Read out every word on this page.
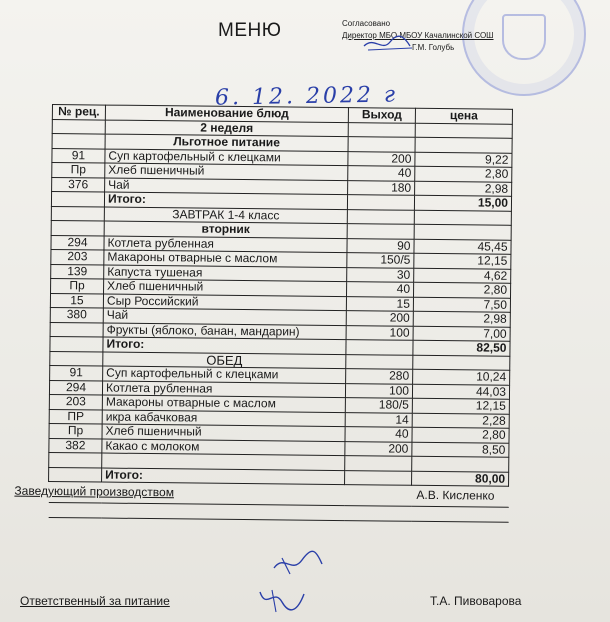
МЕНЮ	Согласовано
Директор МБО МБОУ Качалинской СОШ
Г.М. Голубь
6. 12. 2022 г
№ рец.	Наименование блюд	Выход	цена
	2 неделя		
	Льготное питание		
91	Суп картофельный с клецками	200	9,22
Пр	Хлеб пшеничный	40	2,80
376	Чай	180	2,98
	Итого:		15,00
	ЗАВТРАК 1-4 класс		
	вторник		
294	Котлета рубленная	90	45,45
203	Макароны отварные с маслом	150/5	12,15
139	Капуста тушеная	30	4,62
Пр	Хлеб пшеничный	40	2,80
15	Сыр Российский	15	7,50
380	Чай	200	2,98
	Фрукты (яблоко, банан, мандарин)	100	7,00
	Итого:		82,50
	ОБЕД		
91	Суп картофельный с клецками	280	10,24
294	Котлета рубленная	100	44,03
203	Макароны отварные с маслом	180/5	12,15
ПР	икра кабачковая	14	2,28
Пр	Хлеб пшеничный	40	2,80
382	Какао с молоком	200	8,50

	Итого:		80,00

Заведующий производством А.В. Кисленко			

Ответственный за питание	Т.А. Пивоварова
